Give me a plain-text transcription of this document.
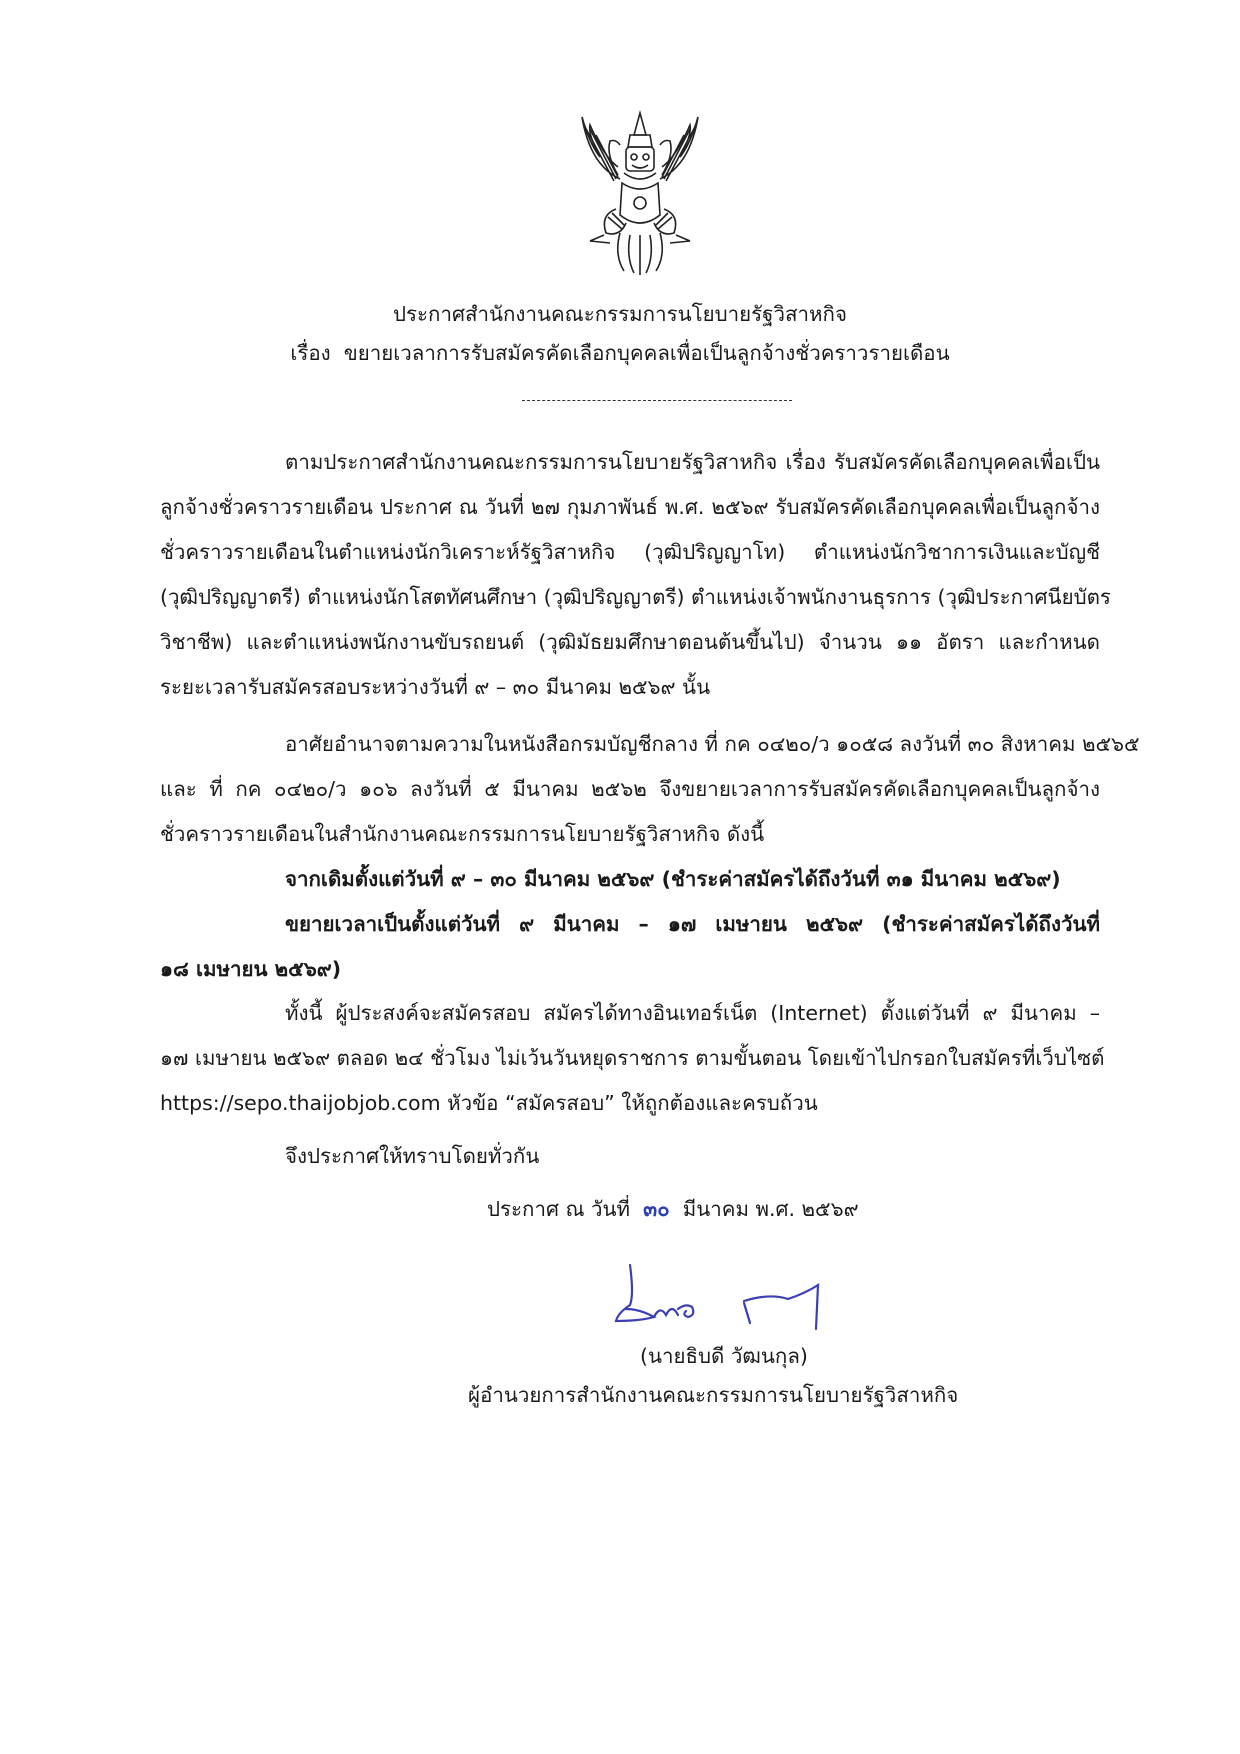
ประกาศสำนักงานคณะกรรมการนโยบายรัฐวิสาหกิจ
เรื่อง ขยายเวลาการรับสมัครคัดเลือกบุคคลเพื่อเป็นลูกจ้างชั่วคราวรายเดือน
ตามประกาศสำนักงานคณะกรรมการนโยบายรัฐวิสาหกิจ เรื่อง รับสมัครคัดเลือกบุคคลเพื่อเป็น
ลูกจ้างชั่วคราวรายเดือน ประกาศ ณ วันที่ ๒๗ กุมภาพันธ์ พ.ศ. ๒๕๖๙ รับสมัครคัดเลือกบุคคลเพื่อเป็นลูกจ้าง
ชั่วคราวรายเดือนในตำแหน่งนักวิเคราะห์รัฐวิสาหกิจ (วุฒิปริญญาโท) ตำแหน่งนักวิชาการเงินและบัญชี
(วุฒิปริญญาตรี) ตำแหน่งนักโสตทัศนศึกษา (วุฒิปริญญาตรี) ตำแหน่งเจ้าพนักงานธุรการ (วุฒิประกาศนียบัตร
วิชาชีพ) และตำแหน่งพนักงานขับรถยนต์ (วุฒิมัธยมศึกษาตอนต้นขึ้นไป) จำนวน ๑๑ อัตรา และกำหนด
ระยะเวลารับสมัครสอบระหว่างวันที่ ๙ – ๓๐ มีนาคม ๒๕๖๙ นั้น
อาศัยอำนาจตามความในหนังสือกรมบัญชีกลาง ที่ กค ๐๔๒๐/ว ๑๐๕๘ ลงวันที่ ๓๐ สิงหาคม ๒๕๖๕
และ ที่ กค ๐๔๒๐/ว ๑๐๖ ลงวันที่ ๕ มีนาคม ๒๕๖๒ จึงขยายเวลาการรับสมัครคัดเลือกบุคคลเป็นลูกจ้าง
ชั่วคราวรายเดือนในสำนักงานคณะกรรมการนโยบายรัฐวิสาหกิจ ดังนี้
จากเดิมตั้งแต่วันที่ ๙ – ๓๐ มีนาคม ๒๕๖๙ (ชำระค่าสมัครได้ถึงวันที่ ๓๑ มีนาคม ๒๕๖๙)
ขยายเวลาเป็นตั้งแต่วันที่ ๙ มีนาคม – ๑๗ เมษายน ๒๕๖๙ (ชำระค่าสมัครได้ถึงวันที่
๑๘ เมษายน ๒๕๖๙)
ทั้งนี้ ผู้ประสงค์จะสมัครสอบ สมัครได้ทางอินเทอร์เน็ต (Internet) ตั้งแต่วันที่ ๙ มีนาคม –
๑๗ เมษายน ๒๕๖๙ ตลอด ๒๔ ชั่วโมง ไม่เว้นวันหยุดราชการ ตามขั้นตอน โดยเข้าไปกรอกใบสมัครที่เว็บไซต์
https://sepo.thaijobjob.com หัวข้อ “สมัครสอบ” ให้ถูกต้องและครบถ้วน
จึงประกาศให้ทราบโดยทั่วกัน
ประกาศ ณ วันที่ ๓๐ มีนาคม พ.ศ. ๒๕๖๙
(นายธิบดี วัฒนกุล)
ผู้อำนวยการสำนักงานคณะกรรมการนโยบายรัฐวิสาหกิจ
